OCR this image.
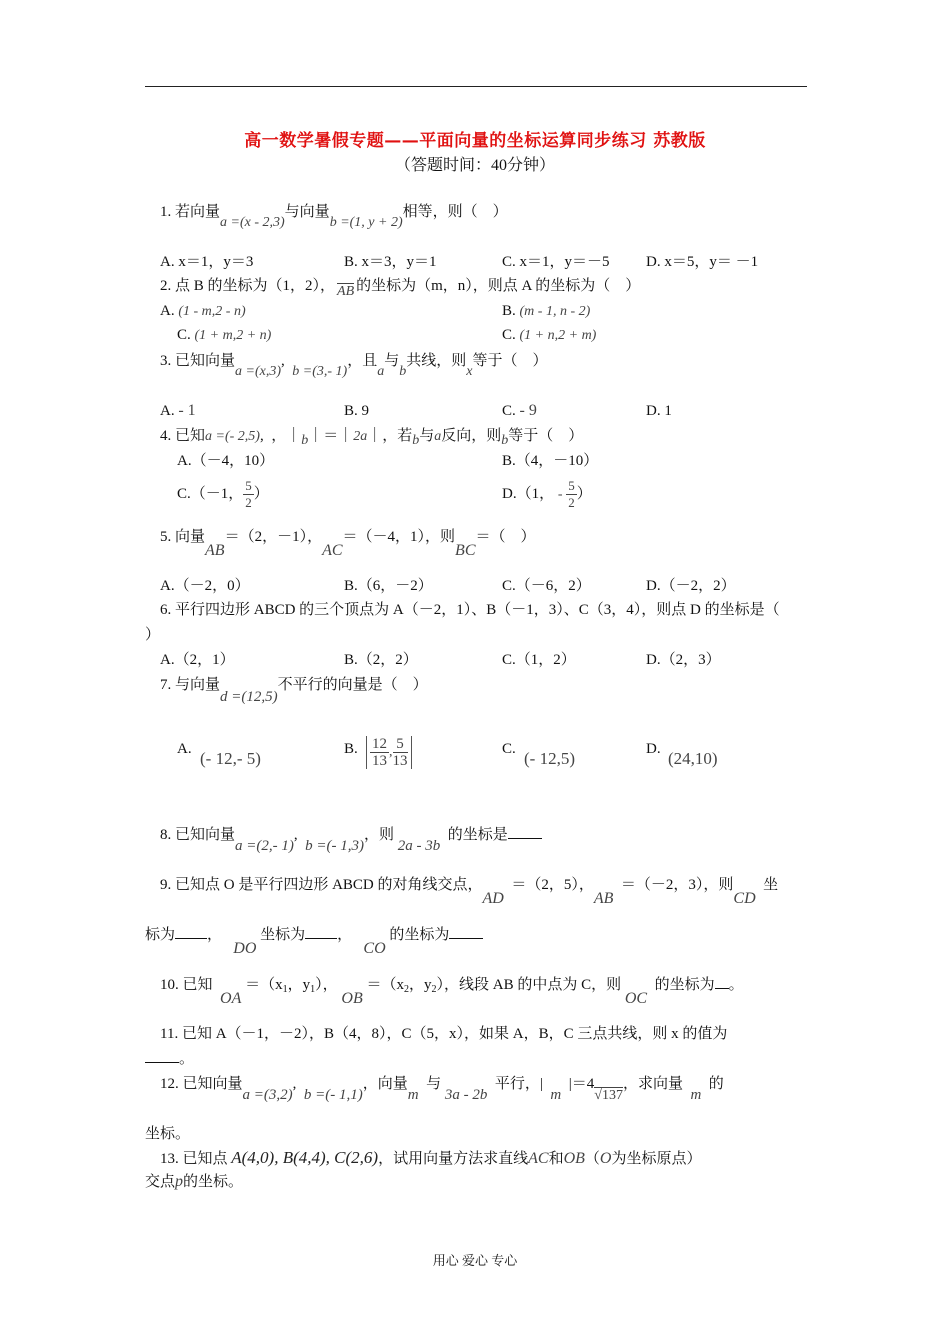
高一数学暑假专题——平面向量的坐标运算同步练习 苏教版
（答题时间：40分钟）
1. 若向量a =(x - 2,3)与向量b =(1, y + 2)相等，则（　）
A. x＝1，y＝3	B. x＝3，y＝1	C. x＝1，y＝－5 D. x＝5，y＝ －1
2. 点 B 的坐标为（1，2）， AB 的坐标为（m，n），则点 A 的坐标为（　）
A. (1 - m,2 - n)	B. (m - 1, n - 2)
C. (1 + m,2 + n)	C. (1 + n,2 + m)
3. 已知向量a =(x,3),  b =(3,- 1)，且a与b共线，则x等于（　）
A. - 1	B. 9	C. - 9	D. 1
4. 已知a =(- 2,5),  ，｜b｜＝｜2a｜，若b与a反向，则b等于（　）
A.（－4，10）	B.（4，－10）
C.（－1， $\frac{5}{2}$ ）	D.（1， - $\frac{5}{2}$ ）
5. 向量AB＝（2，－1），AC＝（－4，1），则BC＝（　）
A.（－2，0）	B.（6，－2）	C.（－6，2）	D.（－2，2）
6. 平行四边形 ABCD 的三个顶点为 A（－2，1）、B（－1，3）、C（3，4），则点 D 的坐标是（
）
A.（2，1）	B.（2，2）	C.（1，2）	D.（2，3）
7. 与向量d =(12,5)不平行的向量是（　）
A. (- 12,- 5)	B. $\frac{12}{13}$ , $\frac{5}{13}$	C. (- 12,5)	D. (24,10)
8. 已知向量a =(2,- 1),  b =(- 1,3)，则 2a - 3b  的坐标是
9. 已知点 O 是平行四边形 ABCD 的对角线交点，AD  ＝（2，5），AB  ＝（－2，3），则CD  坐
标为 ，   DO 坐标为 ，   CO 的坐标为
10. 已知  OA $=(x_1$，$y_1$）， OB $=(x_2$，$y_2$），线段 AB 的中点为 C，则 OC  的坐标为 。
11. 已知 A（－1，－2），B（4，8），C（5，x），如果 A，B，C 三点共线，则 x 的值为
。
12. 已知向量a =(3,2),  b =(- 1,1)，向量m  与 3a - 2b  平行，|  m  |＝4√137，求向量  m  的
坐标。
13. 已知点 A(4,0), B(4,4), C(2,6)，试用向量方法求直线AC和OB（O为坐标原点）
交点p的坐标。
用心 爱心 专心
